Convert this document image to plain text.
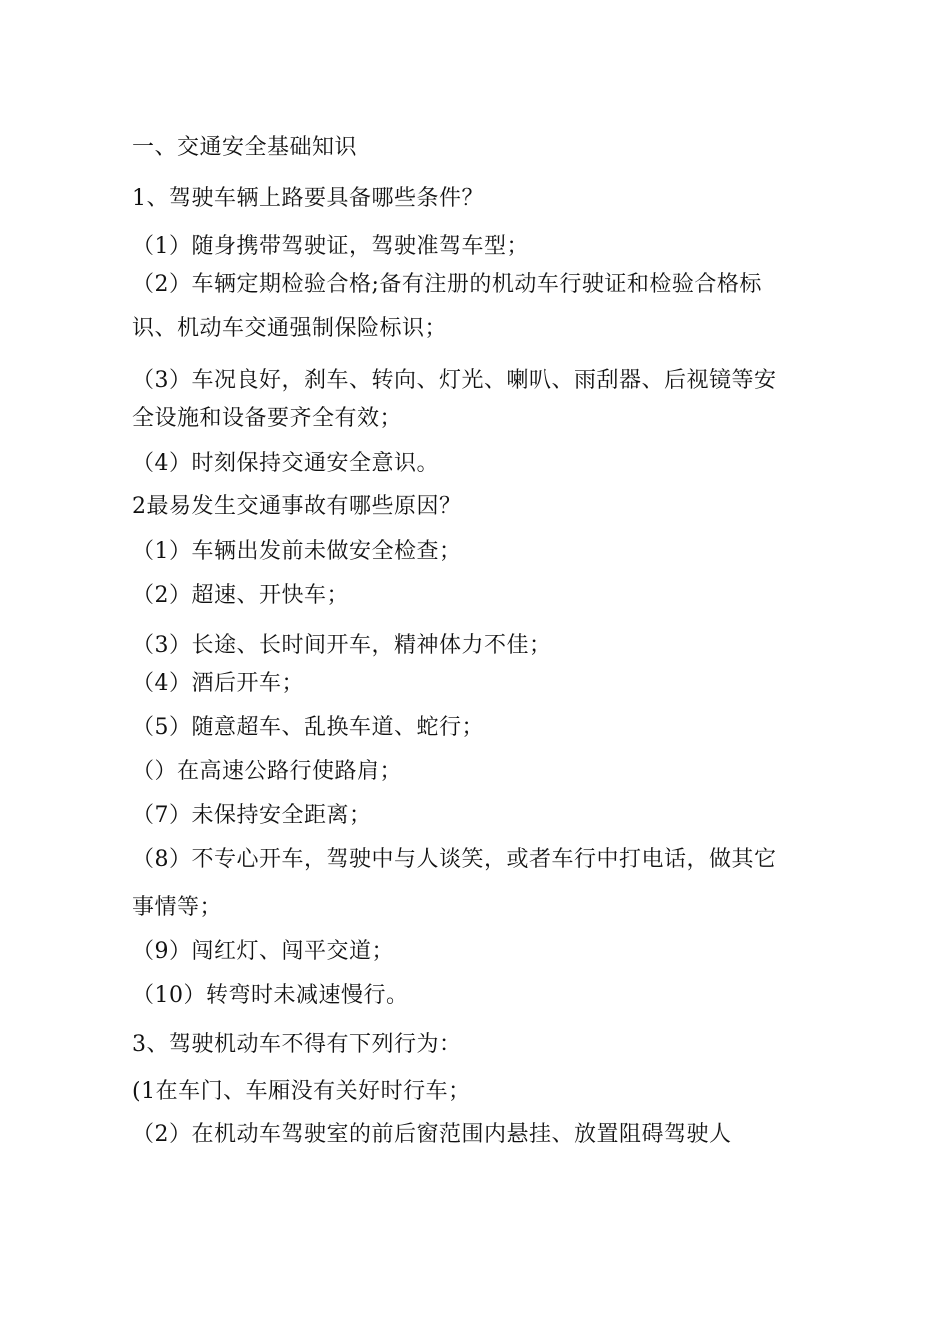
一、交通安全基础知识
1、驾驶车辆上路要具备哪些条件？
（1）随身携带驾驶证，驾驶准驾车型；
（2）车辆定期检验合格;备有注册的机动车行驶证和检验合格标
识、机动车交通强制保险标识；
（3）车况良好，刹车、转向、灯光、喇叭、雨刮器、后视镜等安
全设施和设备要齐全有效；
（4）时刻保持交通安全意识。
2最易发生交通事故有哪些原因？
（1）车辆出发前未做安全检查；
（2）超速、开快车；
（3）长途、长时间开车，精神体力不佳；
（4）酒后开车；
（5）随意超车、乱换车道、蛇行；
（）在高速公路行使路肩；
（7）未保持安全距离；
（8）不专心开车，驾驶中与人谈笑，或者车行中打电话，做其它
事情等；
（9）闯红灯、闯平交道；
（10）转弯时未减速慢行。
3、驾驶机动车不得有下列行为：
(1在车门、车厢没有关好时行车；
（2）在机动车驾驶室的前后窗范围内悬挂、放置阻碍驾驶人
